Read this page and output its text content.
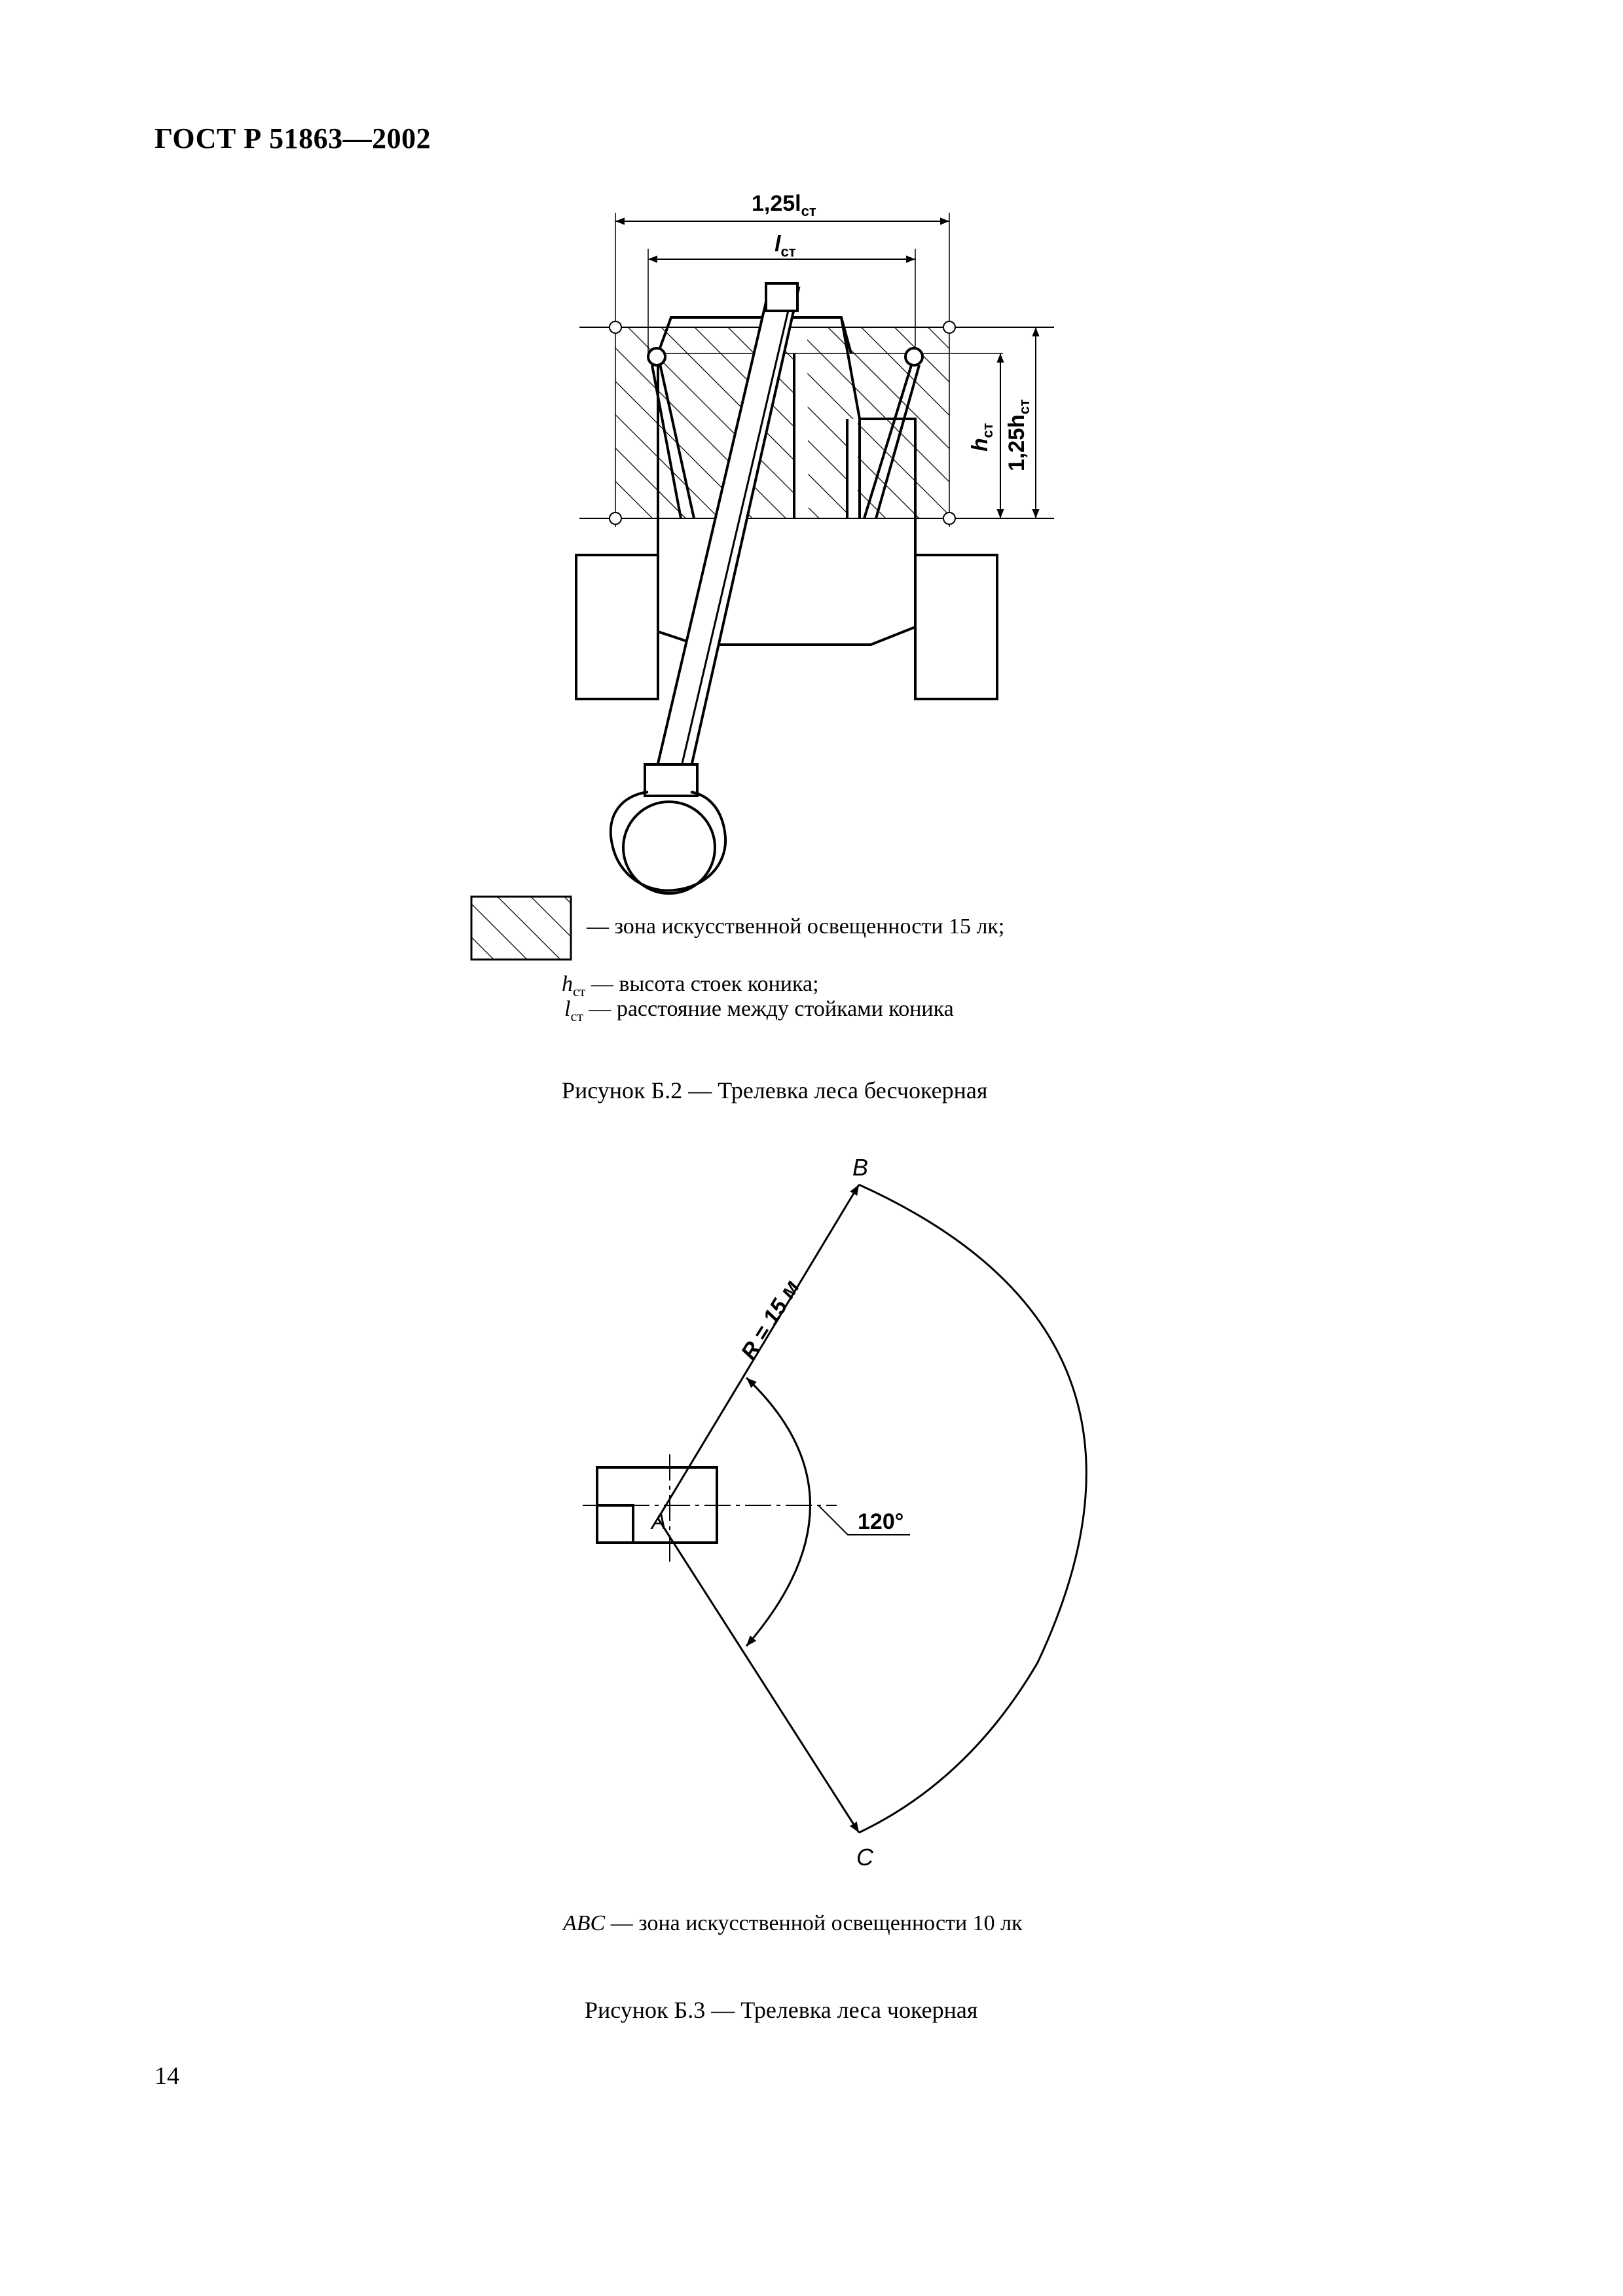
ГОСТ Р 51863—2002
$1,25l_{ст}$
$l_{ст}$
$h_{ст}$ $1,25h_{ст}$
— зона искусственной освещенности 15 лк;
$h_{ст}$ — высота стоек коника;
$l_{ст}$ — расстояние между стойками коника
Рисунок Б.2 — Трелевка леса бесчокерная
B
C
A	120°
R = 15 м
ABC — зона искусственной освещенности 10 лк
Рисунок Б.3 — Трелевка леса чокерная
14
